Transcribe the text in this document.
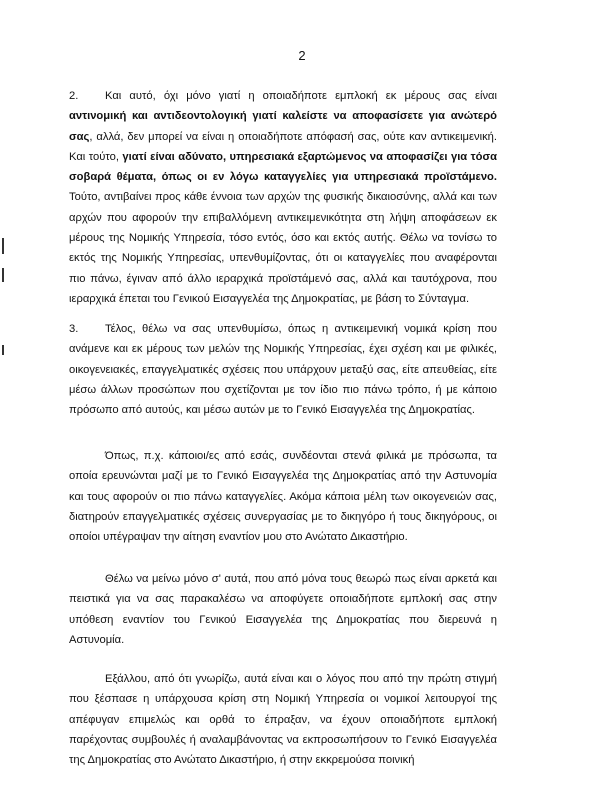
2
2. Και αυτό, όχι μόνο γιατί η οποιαδήποτε εμπλοκή εκ μέρους σας είναι αντινομική και αντιδεοντολογική γιατί καλείστε να αποφασίσετε για ανώτερό σας, αλλά, δεν μπορεί να είναι η οποιαδήποτε απόφασή σας, ούτε καν αντικειμενική. Και τούτο, γιατί είναι αδύνατο, υπηρεσιακά εξαρτώμενος να αποφασίζει για τόσα σοβαρά θέματα, όπως οι εν λόγω καταγγελίες για υπηρεσιακά προϊστάμενο. Τούτο, αντιβαίνει προς κάθε έννοια των αρχών της φυσικής δικαιοσύνης, αλλά και των αρχών που αφορούν την επιβαλλόμενη αντικειμενικότητα στη λήψη αποφάσεων εκ μέρους της Νομικής Υπηρεσία, τόσο εντός, όσο και εκτός αυτής. Θέλω να τονίσω το εκτός της Νομικής Υπηρεσίας, υπενθυμίζοντας, ότι οι καταγγελίες που αναφέρονται πιο πάνω, έγιναν από άλλο ιεραρχικά προϊστάμενό σας, αλλά και ταυτόχρονα, που ιεραρχικά έπεται του Γενικού Εισαγγελέα της Δημοκρατίας, με βάση το Σύνταγμα.
3. Τέλος, θέλω να σας υπενθυμίσω, όπως η αντικειμενική νομικά κρίση που ανάμενε και εκ μέρους των μελών της Νομικής Υπηρεσίας, έχει σχέση και με φιλικές, οικογενειακές, επαγγελματικές σχέσεις που υπάρχουν μεταξύ σας, είτε απευθείας, είτε μέσω άλλων προσώπων που σχετίζονται με τον ίδιο πιο πάνω τρόπο, ή με κάποιο πρόσωπο από αυτούς, και μέσω αυτών με το Γενικό Εισαγγελέα της Δημοκρατίας.
Όπως, π.χ. κάποιοι/ες από εσάς, συνδέονται στενά φιλικά με πρόσωπα, τα οποία ερευνώνται μαζί με το Γενικό Εισαγγελέα της Δημοκρατίας από την Αστυνομία και τους αφορούν οι πιο πάνω καταγγελίες. Ακόμα κάποια μέλη των οικογενειών σας, διατηρούν επαγγελματικές σχέσεις συνεργασίας με το δικηγόρο ή τους δικηγόρους, οι οποίοι υπέγραψαν την αίτηση εναντίον μου στο Ανώτατο Δικαστήριο.
Θέλω να μείνω μόνο σ' αυτά, που από μόνα τους θεωρώ πως είναι αρκετά και πειστικά για να σας παρακαλέσω να αποφύγετε οποιαδήποτε εμπλοκή σας στην υπόθεση εναντίον του Γενικού Εισαγγελέα της Δημοκρατίας που διερευνά η Αστυνομία.
Εξάλλου, από ότι γνωρίζω, αυτά είναι και ο λόγος που από την πρώτη στιγμή που ξέσπασε η υπάρχουσα κρίση στη Νομική Υπηρεσία οι νομικοί λειτουργοί της απέφυγαν επιμελώς και ορθά το έπραξαν, να έχουν οποιαδήποτε εμπλοκή παρέχοντας συμβουλές ή αναλαμβάνοντας να εκπροσωπήσουν το Γενικό Εισαγγελέα της Δημοκρατίας στο Ανώτατο Δικαστήριο, ή στην εκκρεμούσα ποινική
